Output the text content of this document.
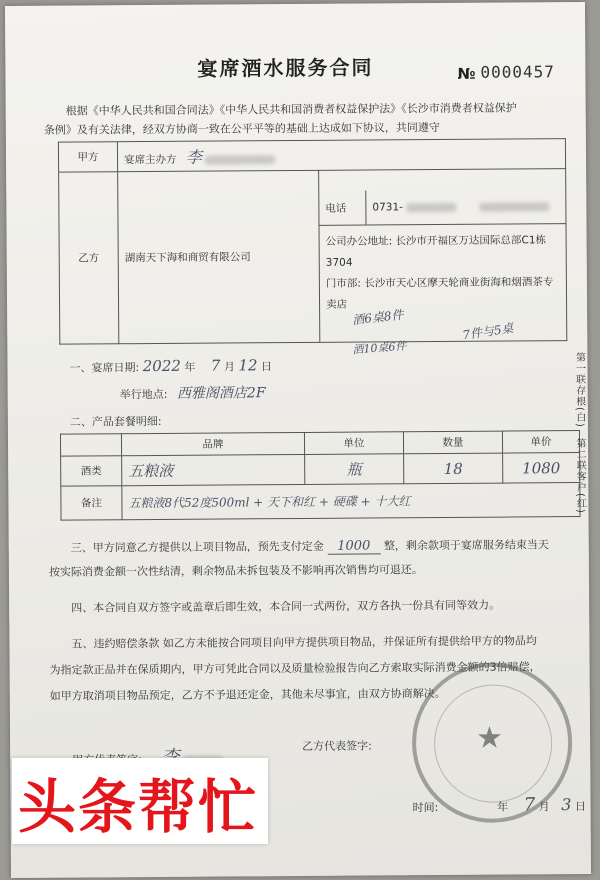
宴席酒水服务合同	№ 0000457
根据《中华人民共和国合同法》《中华人民共和国消费者权益保护法》《长沙市消费者权益保护
条例》及有关法律，经双方协商一致在公平平等的基础上达成如下协议，共同遵守
甲方	宴席主办方 李
乙方	湖南天下海和商贸有限公司	
电话	0731-
公司办公地址: 长沙市开福区万达国际总部C1栋3704
门市部: 长沙市天心区摩天轮商业街海和烟酒茶专卖店
酒6桌8件
酒10桌6件
7件与5桌
一、宴席日期: 2022 年 7 月 12 日
举行地点: 西雅阁酒店2F
二、产品套餐明细:
	品牌	单位	数量	单价
酒类	五粮液	瓶	18	1080
备注	五粮液8代52度500ml + 天下和红 + 硬碟 + 十大红			
三、甲方同意乙方提供以上项目物品，预先支付定金 1000 整，剩余款项于宴席服务结束当天
按实际消费金额一次性结清，剩余物品未拆包装及不影响再次销售均可退还。
四、本合同自双方签字或盖章后即生效，本合同一式两份，双方各执一份具有同等效力。
五、违约赔偿条款 如乙方未能按合同项目向甲方提供项目物品，并保证所有提供给甲方的物品均
为指定款正品并在保质期内，甲方可凭此合同以及质量检验报告向乙方索取实际消费金额的3倍赔偿，
如甲方取消项目物品预定，乙方不予退还定金，其他未尽事宜，由双方协商解决。
★
乙方代表签字:
时间:	年 7 月 3 日
第一联存根(白)
第二联客户(红)
头条帮忙
